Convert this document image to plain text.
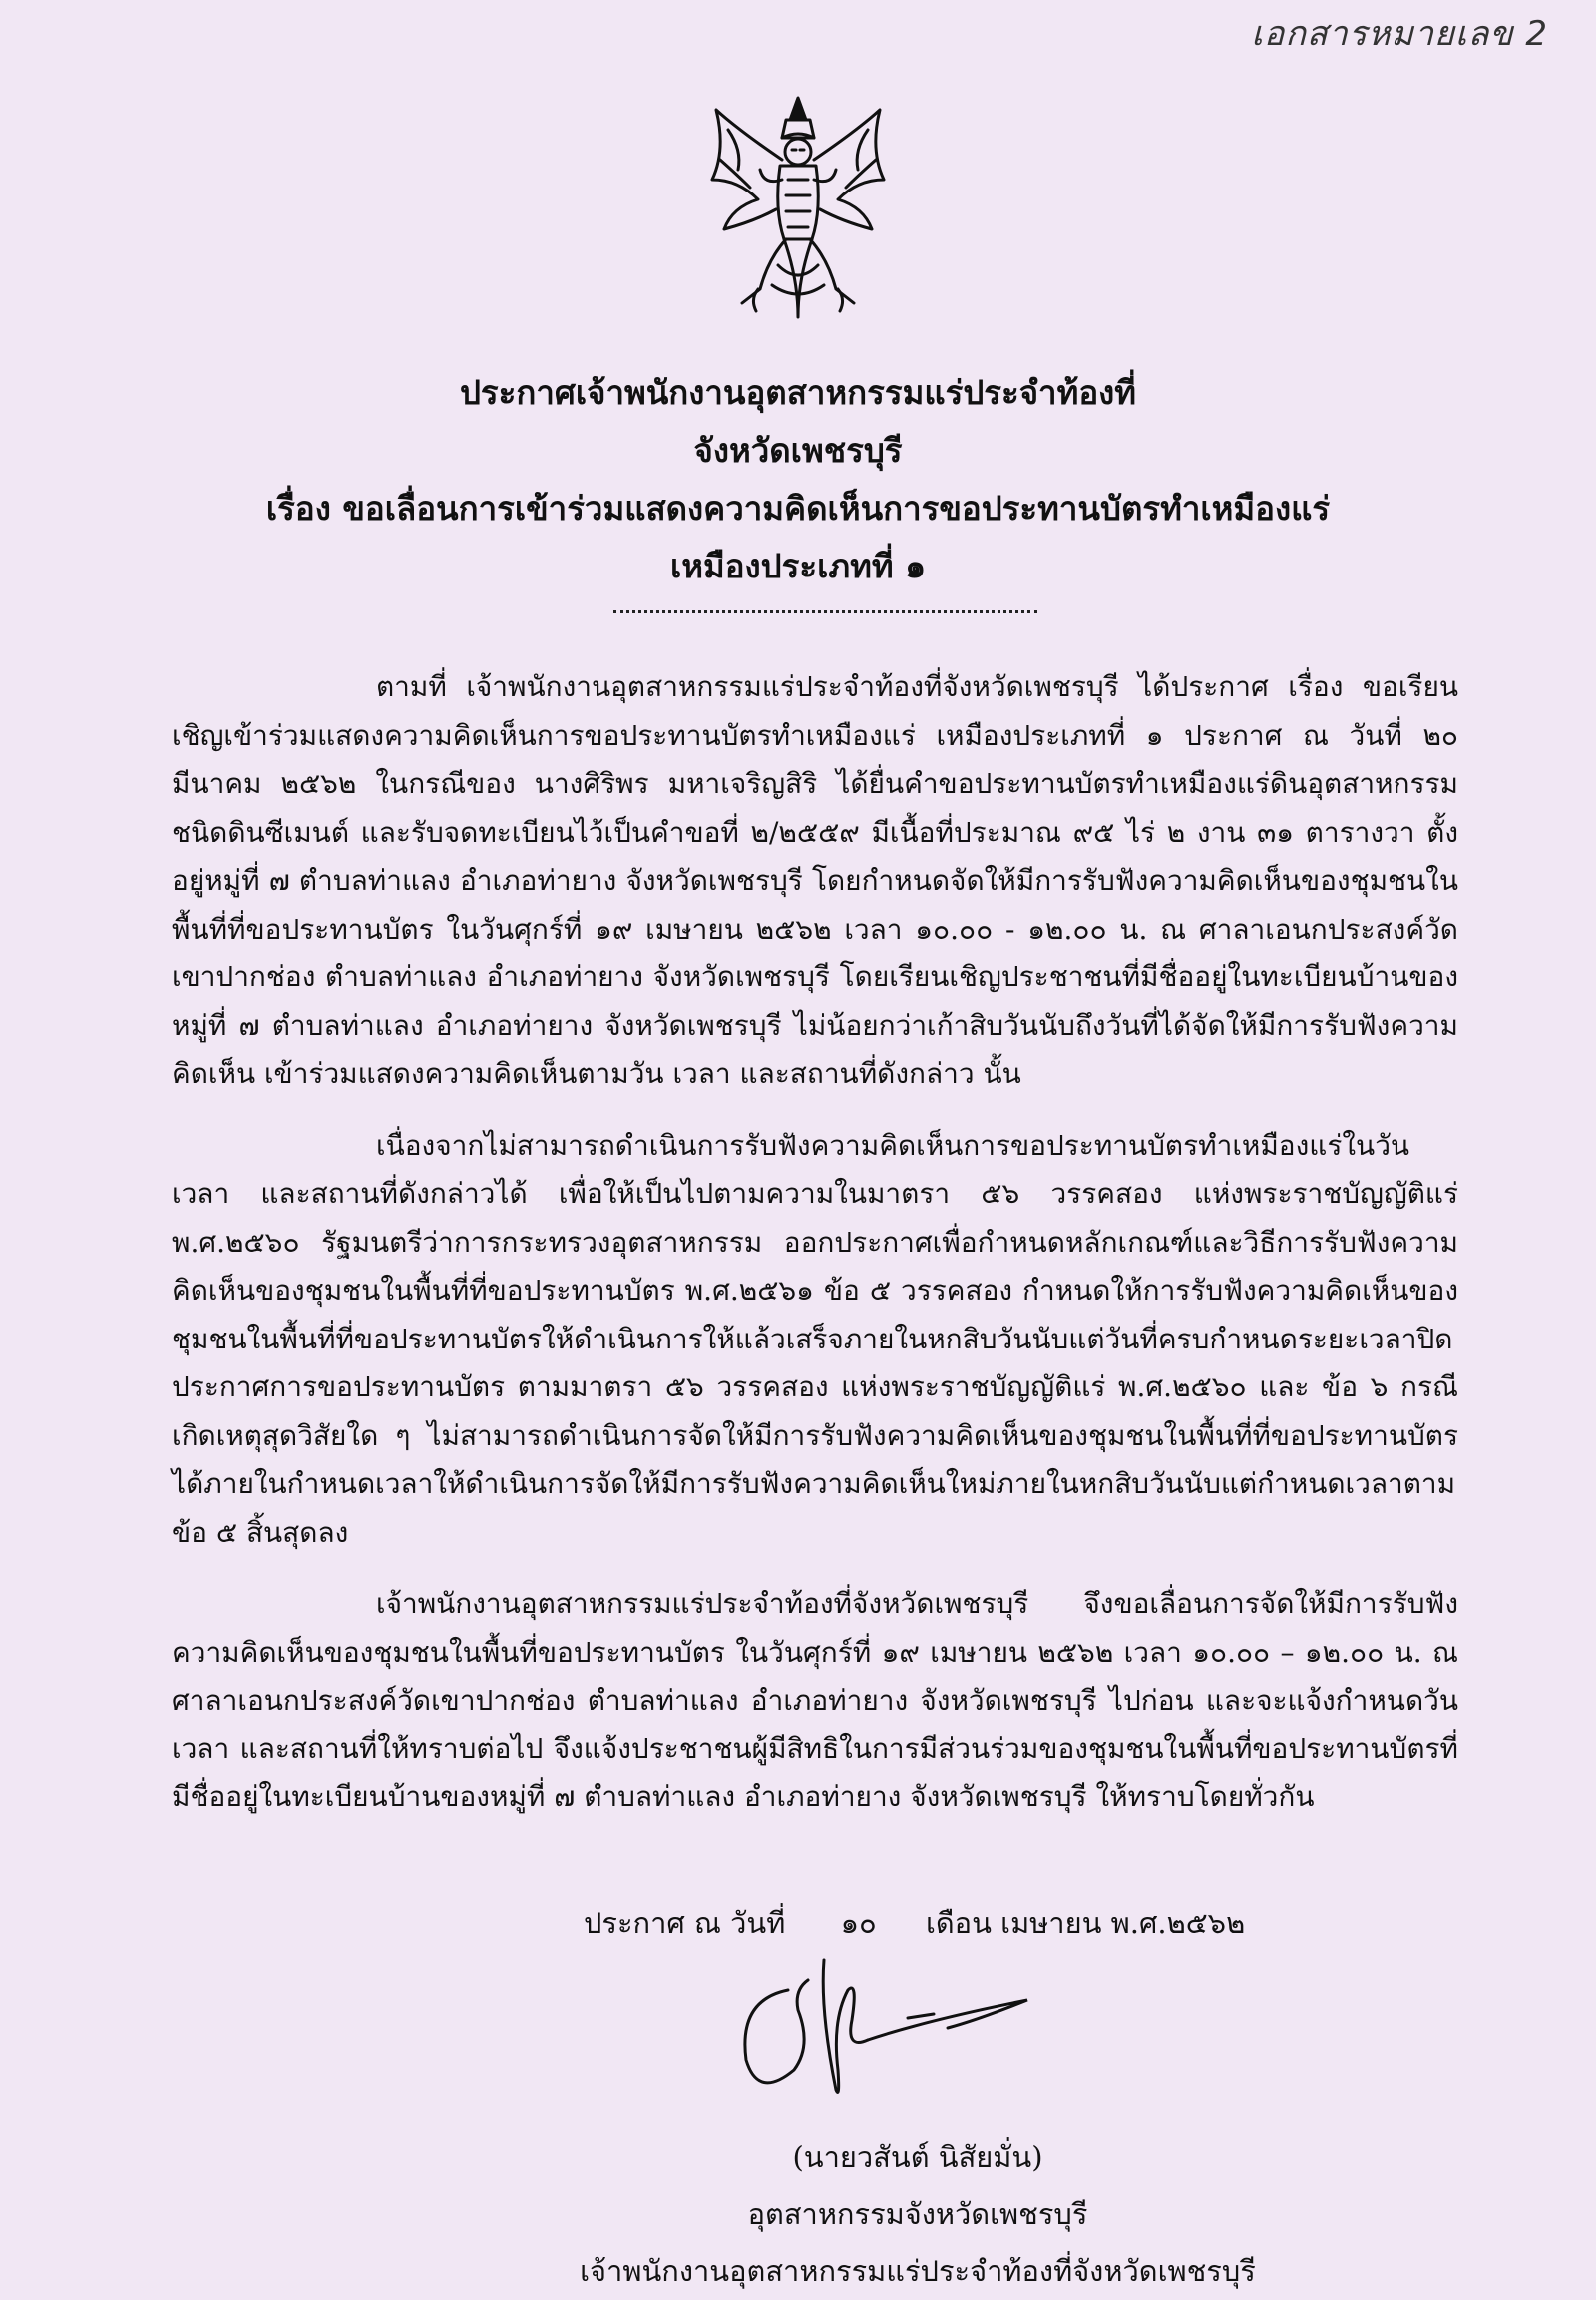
เอกสารหมายเลข 2
ประกาศเจ้าพนักงานอุตสาหกรรมแร่ประจำท้องที่
จังหวัดเพชรบุรี
เรื่อง ขอเลื่อนการเข้าร่วมแสดงความคิดเห็นการขอประทานบัตรทำเหมืองแร่
เหมืองประเภทที่ ๑

ตามที่ เจ้าพนักงานอุตสาหกรรมแร่ประจำท้องที่จังหวัดเพชรบุรี ได้ประกาศ เรื่อง ขอเรียนเชิญเข้าร่วมแสดงความคิดเห็นการขอประทานบัตรทำเหมืองแร่ เหมืองประเภทที่ ๑ ประกาศ ณ วันที่ ๒๐ มีนาคม ๒๕๖๒ ในกรณีของ นางศิริพร มหาเจริญสิริ ได้ยื่นคำขอประทานบัตรทำเหมืองแร่ดินอุตสาหกรรมชนิดดินซีเมนต์ และรับจดทะเบียนไว้เป็นคำขอที่ ๒/๒๕๕๙ มีเนื้อที่ประมาณ ๙๕ ไร่ ๒ งาน ๓๑ ตารางวา ตั้งอยู่หมู่ที่ ๗ ตำบลท่าแลง อำเภอท่ายาง จังหวัดเพชรบุรี โดยกำหนดจัดให้มีการรับฟังความคิดเห็นของชุมชนในพื้นที่ที่ขอประทานบัตร ในวันศุกร์ที่ ๑๙ เมษายน ๒๕๖๒ เวลา ๑๐.๐๐ - ๑๒.๐๐ น. ณ ศาลาเอนกประสงค์วัดเขาปากช่อง ตำบลท่าแลง อำเภอท่ายาง จังหวัดเพชรบุรี โดยเรียนเชิญประชาชนที่มีชื่ออยู่ในทะเบียนบ้านของหมู่ที่ ๗ ตำบลท่าแลง อำเภอท่ายาง จังหวัดเพชรบุรี ไม่น้อยกว่าเก้าสิบวันนับถึงวันที่ได้จัดให้มีการรับฟังความคิดเห็น เข้าร่วมแสดงความคิดเห็นตามวัน เวลา และสถานที่ดังกล่าว นั้น

เนื่องจากไม่สามารถดำเนินการรับฟังความคิดเห็นการขอประทานบัตรทำเหมืองแร่ในวัน เวลา และสถานที่ดังกล่าวได้ เพื่อให้เป็นไปตามความในมาตรา ๕๖ วรรคสอง แห่งพระราชบัญญัติแร่ พ.ศ.๒๕๖๐ รัฐมนตรีว่าการกระทรวงอุตสาหกรรม ออกประกาศเพื่อกำหนดหลักเกณฑ์และวิธีการรับฟังความคิดเห็นของชุมชนในพื้นที่ที่ขอประทานบัตร พ.ศ.๒๕๖๑ ข้อ ๕ วรรคสอง กำหนดให้การรับฟังความคิดเห็นของชุมชนในพื้นที่ที่ขอประทานบัตรให้ดำเนินการให้แล้วเสร็จภายในหกสิบวันนับแต่วันที่ครบกำหนดระยะเวลาปิดประกาศการขอประทานบัตร ตามมาตรา ๕๖ วรรคสอง แห่งพระราชบัญญัติแร่ พ.ศ.๒๕๖๐ และ ข้อ ๖ กรณีเกิดเหตุสุดวิสัยใด ๆ ไม่สามารถดำเนินการจัดให้มีการรับฟังความคิดเห็นของชุมชนในพื้นที่ที่ขอประทานบัตรได้ภายในกำหนดเวลาให้ดำเนินการจัดให้มีการรับฟังความคิดเห็นใหม่ภายในหกสิบวันนับแต่กำหนดเวลาตามข้อ ๕ สิ้นสุดลง

เจ้าพนักงานอุตสาหกรรมแร่ประจำท้องที่จังหวัดเพชรบุรี จึงขอเลื่อนการจัดให้มีการรับฟังความคิดเห็นของชุมชนในพื้นที่ขอประทานบัตร ในวันศุกร์ที่ ๑๙ เมษายน ๒๕๖๒ เวลา ๑๐.๐๐ – ๑๒.๐๐ น. ณ ศาลาเอนกประสงค์วัดเขาปากช่อง ตำบลท่าแลง อำเภอท่ายาง จังหวัดเพชรบุรี ไปก่อน และจะแจ้งกำหนดวัน เวลา และสถานที่ให้ทราบต่อไป จึงแจ้งประชาชนผู้มีสิทธิในการมีส่วนร่วมของชุมชนในพื้นที่ขอประทานบัตรที่มีชื่ออยู่ในทะเบียนบ้านของหมู่ที่ ๗ ตำบลท่าแลง อำเภอท่ายาง จังหวัดเพชรบุรี ให้ทราบโดยทั่วกัน

ประกาศ ณ วันที่ ๑๐ เดือน เมษายน พ.ศ.๒๕๖๒
(นายวสันต์ นิสัยมั่น)
อุตสาหกรรมจังหวัดเพชรบุรี
เจ้าพนักงานอุตสาหกรรมแร่ประจำท้องที่จังหวัดเพชรบุรี
